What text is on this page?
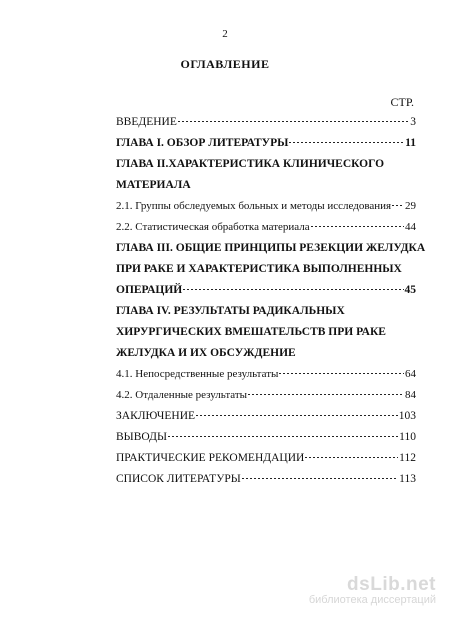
2
ОГЛАВЛЕНИЕ
СТР.
ВВЕДЕНИЕ	3
ГЛАВА I. ОБЗОР ЛИТЕРАТУРЫ	11
ГЛАВА II.ХАРАКТЕРИСТИКА КЛИНИЧЕСКОГО
МАТЕРИАЛА
2.1. Группы обследуемых больных и методы исследования 29
2.2. Статистическая обработка материала	44
ГЛАВА III. ОБЩИЕ ПРИНЦИПЫ РЕЗЕКЦИИ ЖЕЛУДКА
ПРИ РАКЕ И ХАРАКТЕРИСТИКА ВЫПОЛНЕННЫХ
ОПЕРАЦИЙ	45
ГЛАВА IV. РЕЗУЛЬТАТЫ РАДИКАЛЬНЫХ
ХИРУРГИЧЕСКИХ ВМЕШАТЕЛЬСТВ ПРИ РАКЕ
ЖЕЛУДКА И ИХ ОБСУЖДЕНИЕ
4.1. Непосредственные результаты	64
4.2. Отдаленные результаты	84
ЗАКЛЮЧЕНИЕ	103
ВЫВОДЫ	110
ПРАКТИЧЕСКИЕ РЕКОМЕНДАЦИИ	112
СПИСОК ЛИТЕРАТУРЫ	113
dsLib.net
библиотека диссертаций
